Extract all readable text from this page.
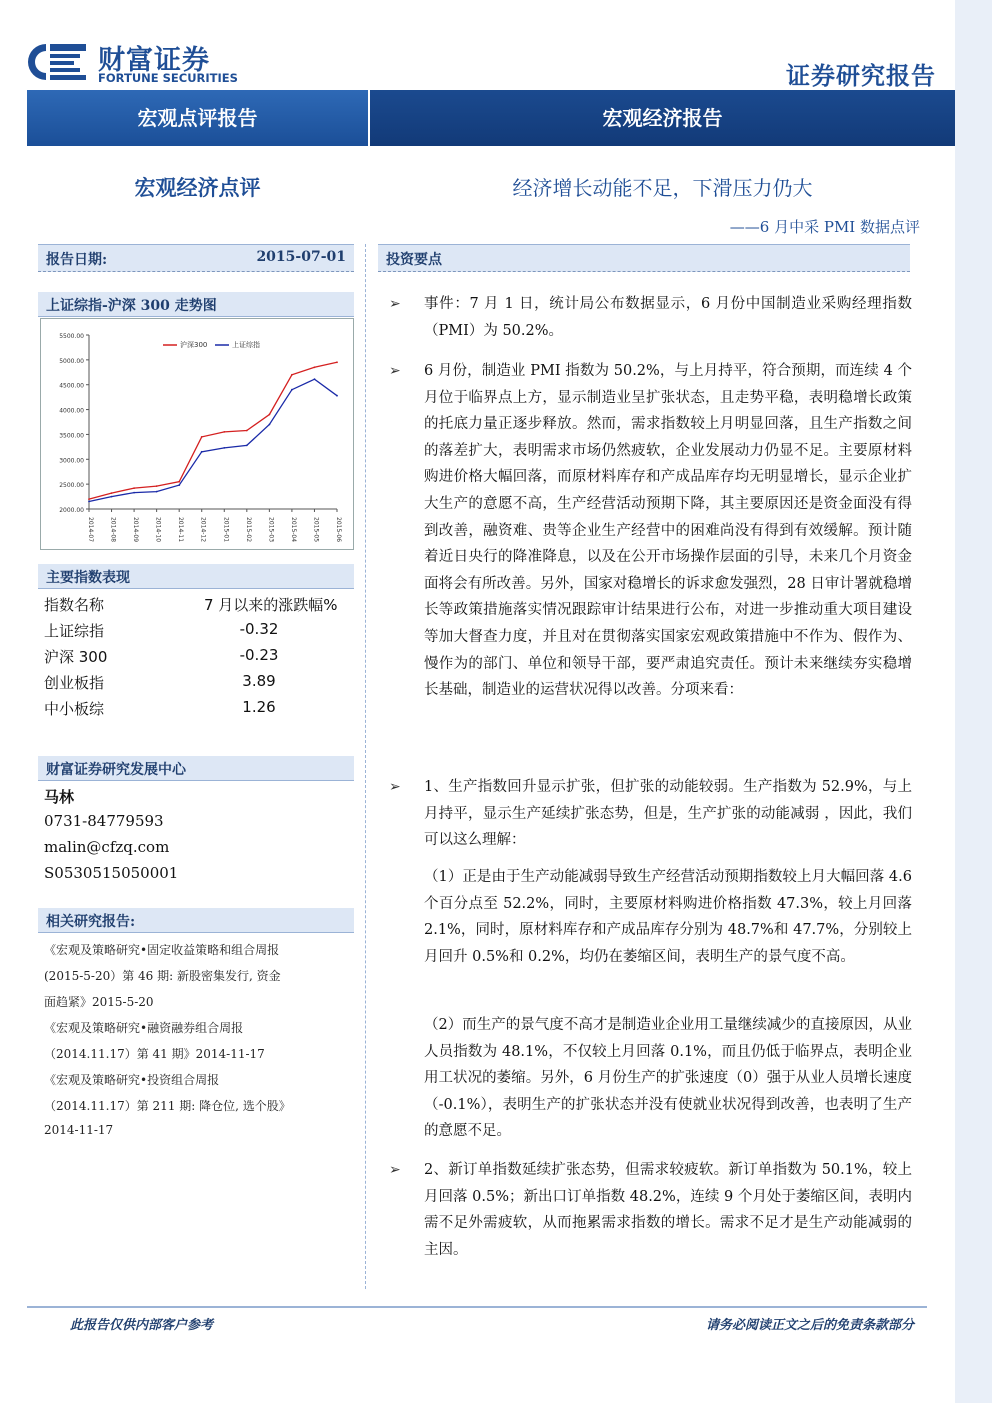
财富证券
FORTUNE SECURITIES	证券研究报告
宏观点评报告	宏观经济报告
宏观经济点评	经济增长动能不足，下滑压力仍大
——6 月中采 PMI 数据点评
报告日期:	2015-07-01
上证综指-沪深 300 走势图
2000.00
2500.00
3000.00
3500.00
4000.00
4500.00
5000.00
5500.00
2014-07	2014-08	2014-09	2014-10	2014-11	2014-12	2015-01	2015-02	2015-03	2015-04	2015-05	2015-06
沪深300	上证综指
主要指数表现
指数名称	7 月以来的涨跌幅%
上证综指	-0.32
沪深 300	-0.23
创业板指	3.89
中小板综	1.26
财富证券研究发展中心
马林
0731-84779593
malin@cfzq.com
S0530515050001
相关研究报告:
《宏观及策略研究•固定收益策略和组合周报
(2015-5-20）第 46 期: 新股密集发行, 资金
面趋紧》2015-5-20
《宏观及策略研究•融资融券组合周报
（2014.11.17）第 41 期》2014-11-17
《宏观及策略研究•投资组合周报
（2014.11.17）第 211 期: 降仓位, 选个股》
2014-11-17
投资要点
➢ 事件：7 月 1 日，统计局公布数据显示，6 月份中国制造业采购经理指数（PMI）为 50.2%。
➢ 6 月份，制造业 PMI 指数为 50.2%，与上月持平，符合预期，而连续 4 个月位于临界点上方，显示制造业呈扩张状态，且走势平稳，表明稳增长政策的托底力量正逐步释放。然而，需求指数较上月明显回落，且生产指数之间的落差扩大，表明需求市场仍然疲软，企业发展动力仍显不足。主要原材料购进价格大幅回落，而原材料库存和产成品库存均无明显增长，显示企业扩大生产的意愿不高，生产经营活动预期下降，其主要原因还是资金面没有得到改善，融资难、贵等企业生产经营中的困难尚没有得到有效缓解。预计随着近日央行的降准降息，以及在公开市场操作层面的引导，未来几个月资金面将会有所改善。另外，国家对稳增长的诉求愈发强烈，28 日审计署就稳增长等政策措施落实情况跟踪审计结果进行公布，对进一步推动重大项目建设等加大督查力度，并且对在贯彻落实国家宏观政策措施中不作为、假作为、慢作为的部门、单位和领导干部，要严肃追究责任。预计未来继续夯实稳增长基础，制造业的运营状况得以改善。分项来看：
➢ 1、生产指数回升显示扩张，但扩张的动能较弱。生产指数为 52.9%，与上月持平，显示生产延续扩张态势，但是，生产扩张的动能减弱 ，因此，我们可以这么理解：
（1）正是由于生产动能减弱导致生产经营活动预期指数较上月大幅回落 4.6 个百分点至 52.2%，同时，主要原材料购进价格指数 47.3%，较上月回落 2.1%，同时，原材料库存和产成品库存分别为 48.7%和 47.7%，分别较上月回升 0.5%和 0.2%，均仍在萎缩区间，表明生产的景气度不高。
（2）而生产的景气度不高才是制造业企业用工量继续减少的直接原因，从业人员指数为 48.1%，不仅较上月回落 0.1%，而且仍低于临界点，表明企业用工状况的萎缩。另外，6 月份生产的扩张速度（0）强于从业人员增长速度（-0.1%），表明生产的扩张状态并没有使就业状况得到改善，也表明了生产的意愿不足。
➢ 2、新订单指数延续扩张态势，但需求较疲软。新订单指数为 50.1%，较上月回落 0.5%；新出口订单指数 48.2%，连续 9 个月处于萎缩区间，表明内需不足外需疲软，从而拖累需求指数的增长。需求不足才是生产动能减弱的主因。
此报告仅供内部客户参考	请务必阅读正文之后的免责条款部分
